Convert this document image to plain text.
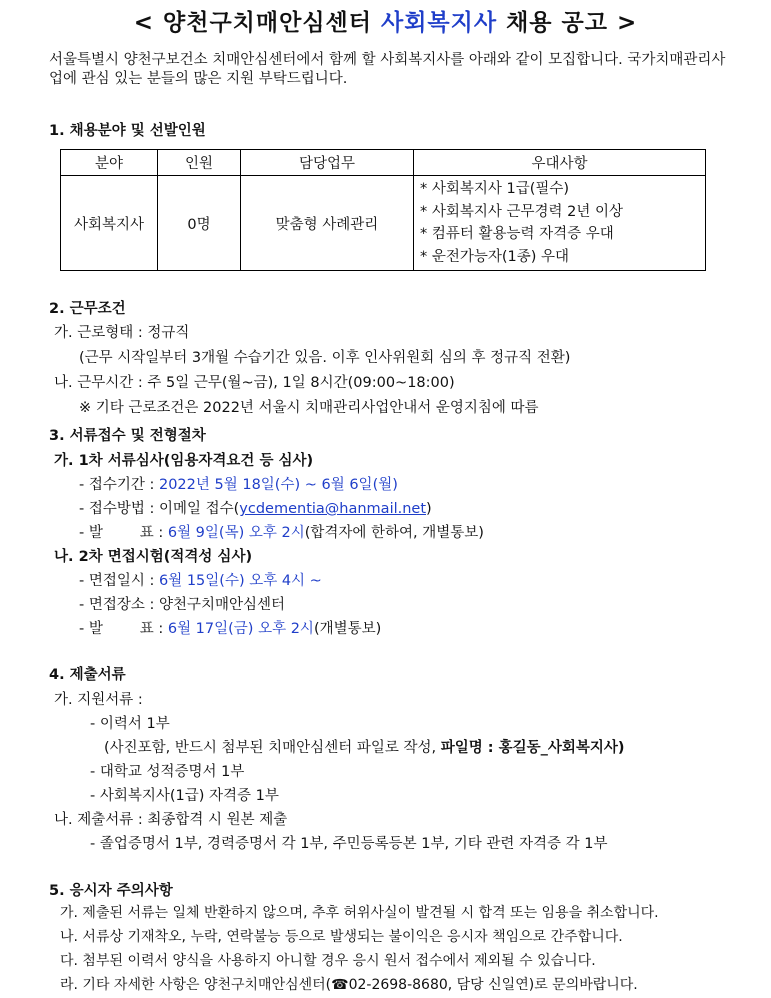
< 양천구치매안심센터 사회복지사 채용 공고 >
서울특별시 양천구보건소 치매안심센터에서 함께 할 사회복지사를 아래와 같이 모집합니다. 국가치매관리사업에 관심 있는 분들의 많은 지원 부탁드립니다.
1. 채용분야 및 선발인원
분야	인원	담당업무	우대사항
사회복지사	0명	맞춤형 사례관리	* 사회복지사 1급(필수)
* 사회복지사 근무경력 2년 이상
* 컴퓨터 활용능력 자격증 우대
* 운전가능자(1종) 우대
2. 근무조건
가. 근로형태 : 정규직
(근무 시작일부터 3개월 수습기간 있음. 이후 인사위원회 심의 후 정규직 전환)
나. 근무시간 : 주 5일 근무(월~금), 1일 8시간(09:00~18:00)
※ 기타 근로조건은 2022년 서울시 치매관리사업안내서 운영지침에 따름
3. 서류접수 및 전형절차
가. 1차 서류심사(임용자격요건 등 심사)
- 접수기간 : 2022년 5월 18일(수) ~ 6월 6일(월)
- 접수방법 : 이메일 접수(ycdementia@hanmail.net)
- 발        표 : 6월 9일(목) 오후 2시(합격자에 한하여, 개별통보)
나. 2차 면접시험(적격성 심사)
- 면접일시 : 6월 15일(수) 오후 4시 ~
- 면접장소 : 양천구치매안심센터
- 발        표 : 6월 17일(금) 오후 2시(개별통보)
4. 제출서류
가. 지원서류 :
- 이력서 1부
(사진포함, 반드시 첨부된 치매안심센터 파일로 작성, 파일명 : 홍길동_사회복지사)
- 대학교 성적증명서 1부
- 사회복지사(1급) 자격증 1부
나. 제출서류 : 최종합격 시 원본 제출
- 졸업증명서 1부, 경력증명서 각 1부, 주민등록등본 1부, 기타 관련 자격증 각 1부
5. 응시자 주의사항
가. 제출된 서류는 일체 반환하지 않으며, 추후 허위사실이 발견될 시 합격 또는 임용을 취소합니다.
나. 서류상 기재착오, 누락, 연락불능 등으로 발생되는 불이익은 응시자 책임으로 간주합니다.
다. 첨부된 이력서 양식을 사용하지 아니할 경우 응시 원서 접수에서 제외될 수 있습니다.
라. 기타 자세한 사항은 양천구치매안심센터(☎02-2698-8680, 담당 신일연)로 문의바랍니다.
